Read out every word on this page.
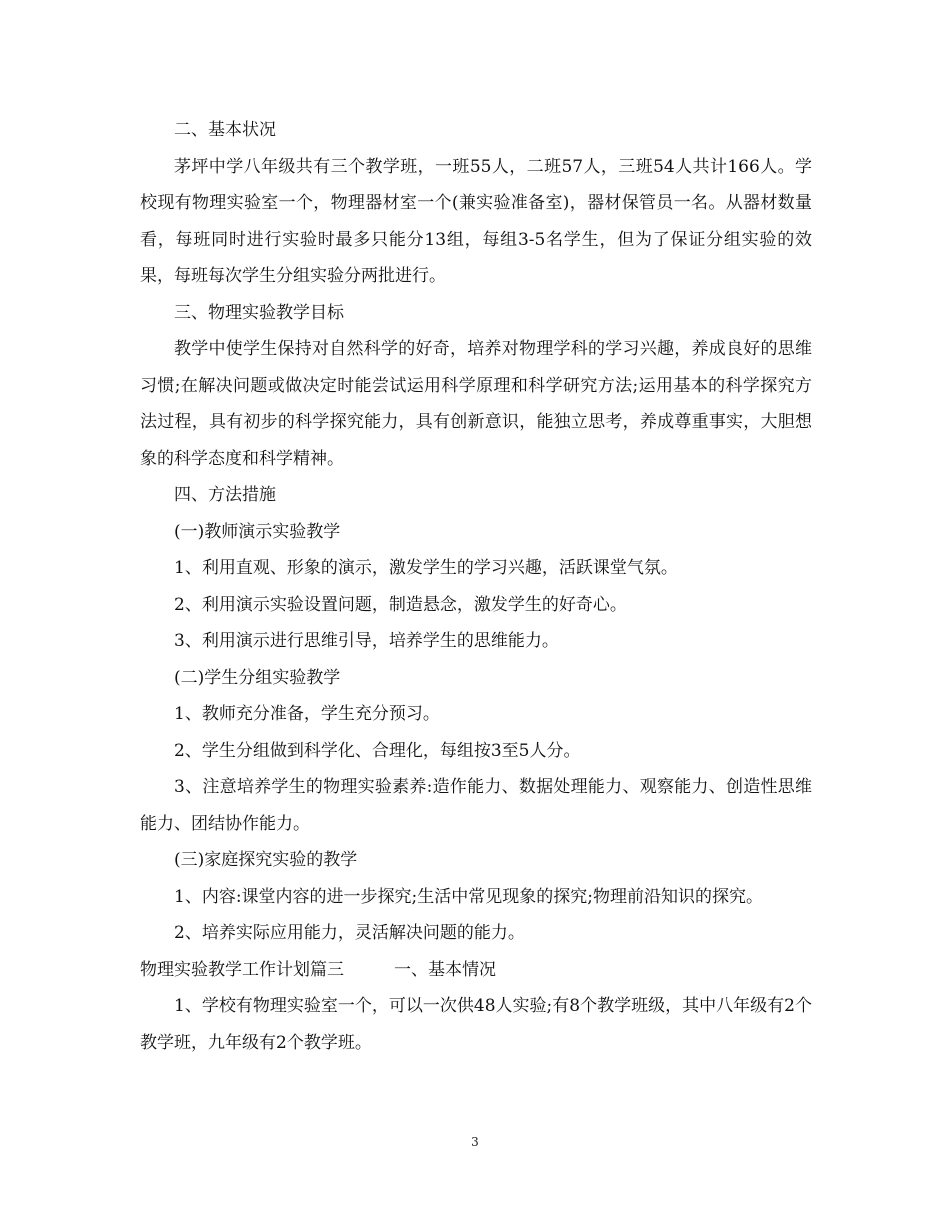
二、基本状况

茅坪中学八年级共有三个教学班，一班55人，二班57人，三班54人共计166人。学校现有物理实验室一个，物理器材室一个(兼实验准备室)，器材保管员一名。从器材数量看，每班同时进行实验时最多只能分13组，每组3-5名学生，但为了保证分组实验的效果，每班每次学生分组实验分两批进行。

三、物理实验教学目标

教学中使学生保持对自然科学的好奇，培养对物理学科的学习兴趣，养成良好的思维习惯;在解决问题或做决定时能尝试运用科学原理和科学研究方法;运用基本的科学探究方法过程，具有初步的科学探究能力，具有创新意识，能独立思考，养成尊重事实，大胆想象的科学态度和科学精神。

四、方法措施

(一)教师演示实验教学

1、利用直观、形象的演示，激发学生的学习兴趣，活跃课堂气氛。

2、利用演示实验设置问题，制造悬念，激发学生的好奇心。

3、利用演示进行思维引导，培养学生的思维能力。

(二)学生分组实验教学

1、教师充分准备，学生充分预习。

2、学生分组做到科学化、合理化，每组按3至5人分。

3、注意培养学生的物理实验素养:造作能力、数据处理能力、观察能力、创造性思维能力、团结协作能力。

(三)家庭探究实验的教学

1、内容:课堂内容的进一步探究;生活中常见现象的探究;物理前沿知识的探究。

2、培养实际应用能力，灵活解决问题的能力。

物理实验教学工作计划篇三	一、基本情况

1、学校有物理实验室一个，可以一次供48人实验;有8个教学班级，其中八年级有2个教学班，九年级有2个教学班。

3
